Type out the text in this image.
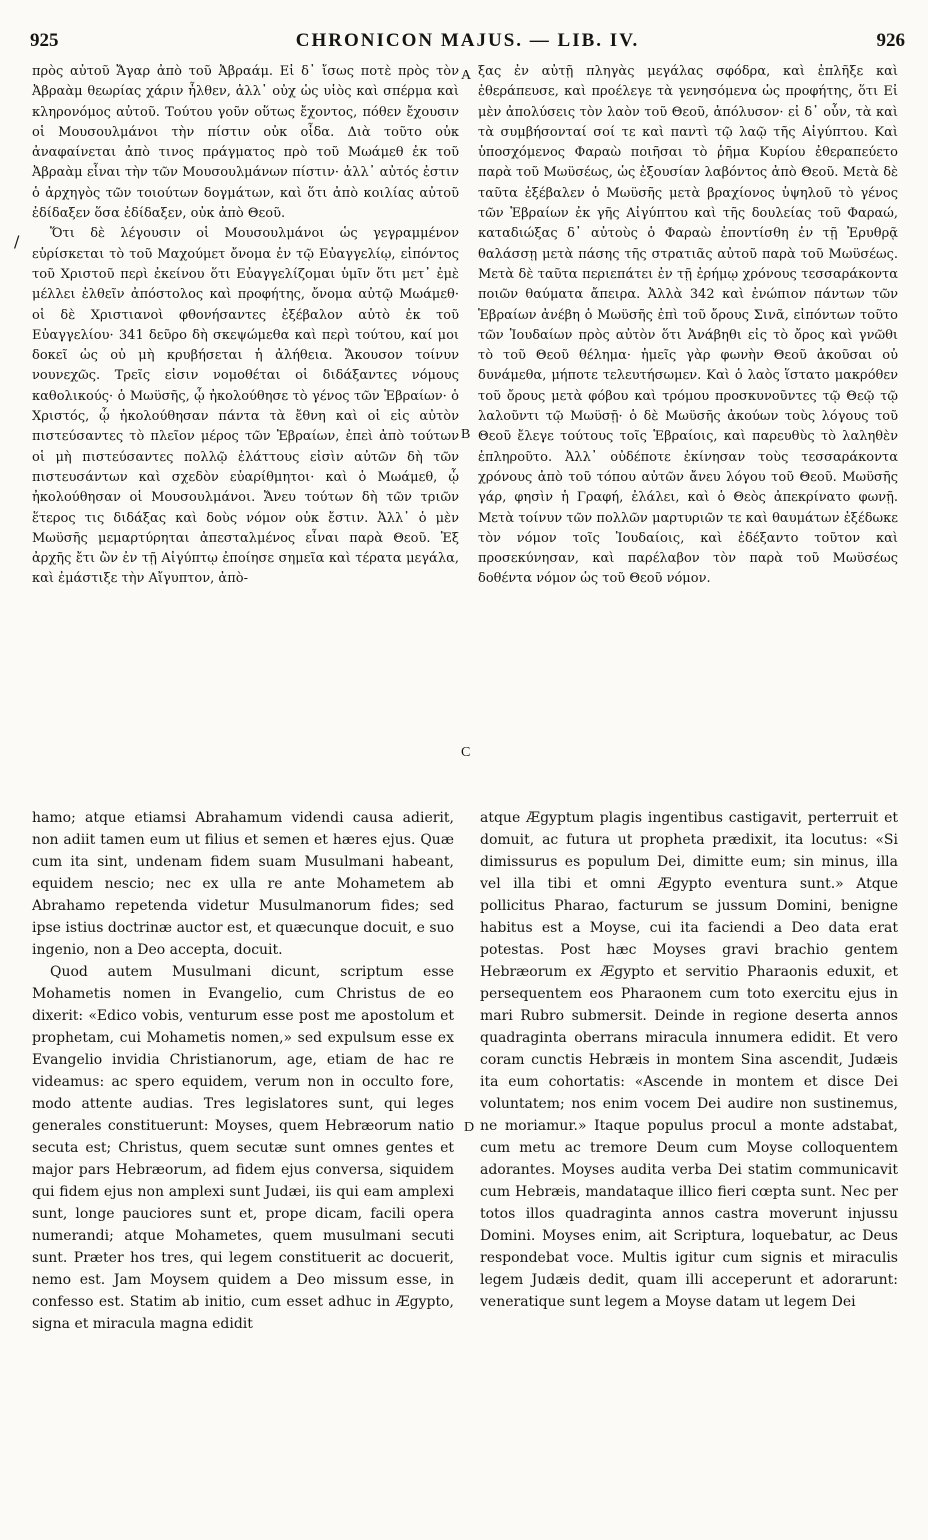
925	CHRONICON MAJUS. — LIB. IV.	926
/

πρὸς αὐτοῦ Ἄγαρ ἀπὸ τοῦ Ἀβραάμ. Εἰ δ᾽ ἴσως ποτὲ πρὸς τὸν Ἀβραὰμ θεωρίας χάριν ἦλθεν, ἀλλ᾽ οὐχ ὡς υἱὸς καὶ σπέρμα καὶ κληρονόμος αὐτοῦ. Τούτου γοῦν οὕτως ἔχοντος, πόθεν ἔχουσιν οἱ Μουσουλμάνοι τὴν πίστιν οὐκ οἶδα. Διὰ τοῦτο οὐκ ἀναφαίνεται ἀπὸ τινος πράγματος πρὸ τοῦ Μωάμεθ ἐκ τοῦ Ἀβραὰμ εἶναι τὴν τῶν Μουσουλμάνων πίστιν· ἀλλ᾽ αὐτός ἐστιν ὁ ἀρχηγὸς τῶν τοιούτων δογμάτων, καὶ ὅτι ἀπὸ κοιλίας αὐτοῦ ἐδίδαξεν ὅσα ἐδίδαξεν, οὐκ ἀπὸ Θεοῦ.

Ὅτι δὲ λέγουσιν οἱ Μουσουλμάνοι ὡς γεγραμμένον εὑρίσκεται τὸ τοῦ Μαχούμετ ὄνομα ἐν τῷ Εὐαγγελίῳ, εἰπόντος τοῦ Χριστοῦ περὶ ἐκείνου ὅτι Εὐαγγελίζομαι ὑμῖν ὅτι μετ᾽ ἐμὲ μέλλει ἐλθεῖν ἀπόστολος καὶ προφήτης, ὄνομα αὐτῷ Μωάμεθ· οἱ δὲ Χριστιανοὶ φθονήσαντες ἐξέβαλον αὐτὸ ἐκ τοῦ Εὐαγγελίου· 341 δεῦρο δὴ σκεψώμεθα καὶ περὶ τούτου, καί μοι δοκεῖ ὡς οὐ μὴ κρυβήσεται ἡ ἀλήθεια. Ἄκουσον τοίνυν νουνεχῶς. Τρεῖς εἰσιν νομοθέται οἱ διδάξαντες νόμους καθολικούς· ὁ Μωϋσῆς, ᾧ ἠκολούθησε τὸ γένος τῶν Ἑβραίων· ὁ Χριστός, ᾧ ἠκολούθησαν πάντα τὰ ἔθνη καὶ οἱ εἰς αὐτὸν πιστεύσαντες τὸ πλεῖον μέρος τῶν Ἑβραίων, ἐπεὶ ἀπὸ τούτων οἱ μὴ πιστεύσαντες πολλῷ ἐλάττους εἰσὶν αὐτῶν δὴ τῶν πιστευσάντων καὶ σχεδὸν εὐαρίθμητοι· καὶ ὁ Μωάμεθ, ᾧ ἠκολούθησαν οἱ Μουσουλμάνοι. Ἄνευ τούτων δὴ τῶν τριῶν ἕτερος τις διδάξας καὶ δοὺς νόμον οὐκ ἔστιν. Ἀλλ᾽ ὁ μὲν Μωϋσῆς μεμαρτύρηται ἀπεσταλμένος εἶναι παρὰ Θεοῦ. Ἐξ ἀρχῆς ἔτι ὢν ἐν τῇ Αἰγύπτῳ ἐποίησε σημεῖα καὶ τέρατα μεγάλα, καὶ ἐμάστιξε τὴν Αἴγυπτον, ἀπὸ-

A
B
C
D

ξας ἐν αὐτῇ πληγὰς μεγάλας σφόδρα, καὶ ἐπλῆξε καὶ ἐθεράπευσε, καὶ προέλεγε τὰ γενησόμενα ὡς προφήτης, ὅτι Εἰ μὲν ἀπολύσεις τὸν λαὸν τοῦ Θεοῦ, ἀπόλυσον· εἰ δ᾽ οὖν, τὰ καὶ τὰ συμβήσονταί σοί τε καὶ παντὶ τῷ λαῷ τῆς Αἰγύπτου. Καὶ ὑποσχόμενος Φαραὼ ποιῆσαι τὸ ῥῆμα Κυρίου ἐθεραπεύετο παρὰ τοῦ Μωϋσέως, ὡς ἐξουσίαν λαβόντος ἀπὸ Θεοῦ. Μετὰ δὲ ταῦτα ἐξέβαλεν ὁ Μωϋσῆς μετὰ βραχίονος ὑψηλοῦ τὸ γένος τῶν Ἑβραίων ἐκ γῆς Αἰγύπτου καὶ τῆς δουλείας τοῦ Φαραώ, καταδιώξας δ᾽ αὐτοὺς ὁ Φαραὼ ἐποντίσθη ἐν τῇ Ἐρυθρᾷ θαλάσσῃ μετὰ πάσης τῆς στρατιᾶς αὐτοῦ παρὰ τοῦ Μωϋσέως. Μετὰ δὲ ταῦτα περιεπάτει ἐν τῇ ἐρήμῳ χρόνους τεσσαράκοντα ποιῶν θαύματα ἄπειρα. Ἀλλὰ 342 καὶ ἐνώπιον πάντων τῶν Ἑβραίων ἀνέβη ὁ Μωϋσῆς ἐπὶ τοῦ ὄρους Σινᾶ, εἰπόντων τοῦτο τῶν Ἰουδαίων πρὸς αὐτὸν ὅτι Ἀνάβηθι εἰς τὸ ὄρος καὶ γνῶθι τὸ τοῦ Θεοῦ θέλημα· ἡμεῖς γὰρ φωνὴν Θεοῦ ἀκοῦσαι οὐ δυνάμεθα, μήποτε τελευτήσωμεν. Καὶ ὁ λαὸς ἵστατο μακρόθεν τοῦ ὄρους μετὰ φόβου καὶ τρόμου προσκυνοῦντες τῷ Θεῷ τῷ λαλοῦντι τῷ Μωϋσῇ· ὁ δὲ Μωϋσῆς ἀκούων τοὺς λόγους τοῦ Θεοῦ ἔλεγε τούτους τοῖς Ἑβραίοις, καὶ παρευθὺς τὸ λαληθὲν ἐπληροῦτο. Ἀλλ᾽ οὐδέποτε ἐκίνησαν τοὺς τεσσαράκοντα χρόνους ἀπὸ τοῦ τόπου αὐτῶν ἄνευ λόγου τοῦ Θεοῦ. Μωϋσῆς γάρ, φησὶν ἡ Γραφή, ἐλάλει, καὶ ὁ Θεὸς ἀπεκρίνατο φωνῇ. Μετὰ τοίνυν τῶν πολλῶν μαρτυριῶν τε καὶ θαυμάτων ἐξέδωκε τὸν νόμον τοῖς Ἰουδαίοις, καὶ ἐδέξαντο τοῦτον καὶ προσεκύνησαν, καὶ παρέλαβον τὸν παρὰ τοῦ Μωϋσέως δοθέντα νόμον ὡς τοῦ Θεοῦ νόμον.

hamo; atque etiamsi Abrahamum videndi causa adierit, non adiit tamen eum ut filius et semen et hæres ejus. Quæ cum ita sint, undenam fidem suam Musulmani habeant, equidem nescio; nec ex ulla re ante Mohametem ab Abrahamo repetenda videtur Musulmanorum fides; sed ipse istius doctrinæ auctor est, et quæcunque docuit, e suo ingenio, non a Deo accepta, docuit.

Quod autem Musulmani dicunt, scriptum esse Mohametis nomen in Evangelio, cum Christus de eo dixerit: «Edico vobis, venturum esse post me apostolum et prophetam, cui Mohametis nomen,» sed expulsum esse ex Evangelio invidia Christianorum, age, etiam de hac re videamus: ac spero equidem, verum non in occulto fore, modo attente audias. Tres legislatores sunt, qui leges generales constituerunt: Moyses, quem Hebræorum natio secuta est; Christus, quem secutæ sunt omnes gentes et major pars Hebræorum, ad fidem ejus conversa, siquidem qui fidem ejus non amplexi sunt Judæi, iis qui eam amplexi sunt, longe pauciores sunt et, prope dicam, facili opera numerandi; atque Mohametes, quem musulmani secuti sunt. Præter hos tres, qui legem constituerit ac docuerit, nemo est. Jam Moysem quidem a Deo missum esse, in confesso est. Statim ab initio, cum esset adhuc in Ægypto, signa et miracula magna edidit

atque Ægyptum plagis ingentibus castigavit, perterruit et domuit, ac futura ut propheta prædixit, ita locutus: «Si dimissurus es populum Dei, dimitte eum; sin minus, illa vel illa tibi et omni Ægypto eventura sunt.» Atque pollicitus Pharao, facturum se jussum Domini, benigne habitus est a Moyse, cui ita faciendi a Deo data erat potestas. Post hæc Moyses gravi brachio gentem Hebræorum ex Ægypto et servitio Pharaonis eduxit, et persequentem eos Pharaonem cum toto exercitu ejus in mari Rubro submersit. Deinde in regione deserta annos quadraginta oberrans miracula innumera edidit. Et vero coram cunctis Hebræis in montem Sina ascendit, Judæis ita eum cohortatis: «Ascende in montem et disce Dei voluntatem; nos enim vocem Dei audire non sustinemus, ne moriamur.» Itaque populus procul a monte adstabat, cum metu ac tremore Deum cum Moyse colloquentem adorantes. Moyses audita verba Dei statim communicavit cum Hebræis, mandataque illico fieri cœpta sunt. Nec per totos illos quadraginta annos castra moverunt injussu Domini. Moyses enim, ait Scriptura, loquebatur, ac Deus respondebat voce. Multis igitur cum signis et miraculis legem Judæis dedit, quam illi acceperunt et adorarunt: veneratique sunt legem a Moyse datam ut legem Dei
